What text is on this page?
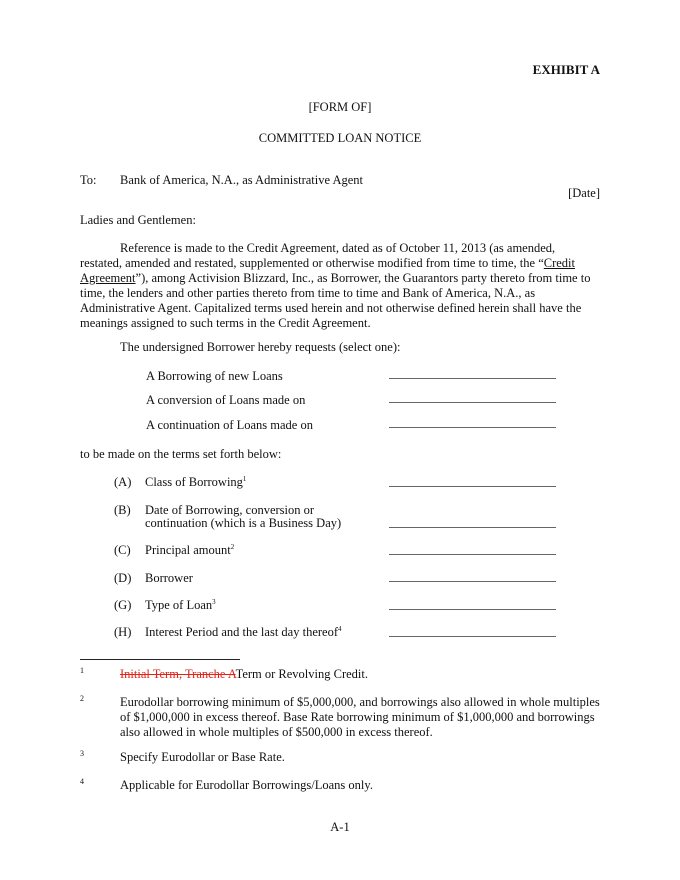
EXHIBIT A
[FORM OF]
COMMITTED LOAN NOTICE
To: Bank of America, N.A., as Administrative Agent
[Date]
Ladies and Gentlemen:

Reference is made to the Credit Agreement, dated as of October 11, 2013 (as amended, restated, amended and restated, supplemented or otherwise modified from time to time, the “Credit Agreement”), among Activision Blizzard, Inc., as Borrower, the Guarantors party thereto from time to time, the lenders and other parties thereto from time to time and Bank of America, N.A., as Administrative Agent. Capitalized terms used herein and not otherwise defined herein shall have the meanings assigned to such terms in the Credit Agreement.

The undersigned Borrower hereby requests (select one):
A Borrowing of new Loans
A conversion of Loans made on
A continuation of Loans made on
to be made on the terms set forth below:
(A) Class of Borrowing$^1$
(B) Date of Borrowing, conversion or
continuation (which is a Business Day)
(C) Principal amount$^2$
(D) Borrower
(G) Type of Loan$^3$
(H) Interest Period and the last day thereof$^4$
1	Initial Term, Tranche ATerm or Revolving Credit.
2	Eurodollar borrowing minimum of $5,000,000, and borrowings also allowed in whole multiples of $1,000,000 in excess thereof. Base Rate borrowing minimum of $1,000,000 and borrowings also allowed in whole multiples of $500,000 in excess thereof.
3	Specify Eurodollar or Base Rate.
4	Applicable for Eurodollar Borrowings/Loans only.
A-1
